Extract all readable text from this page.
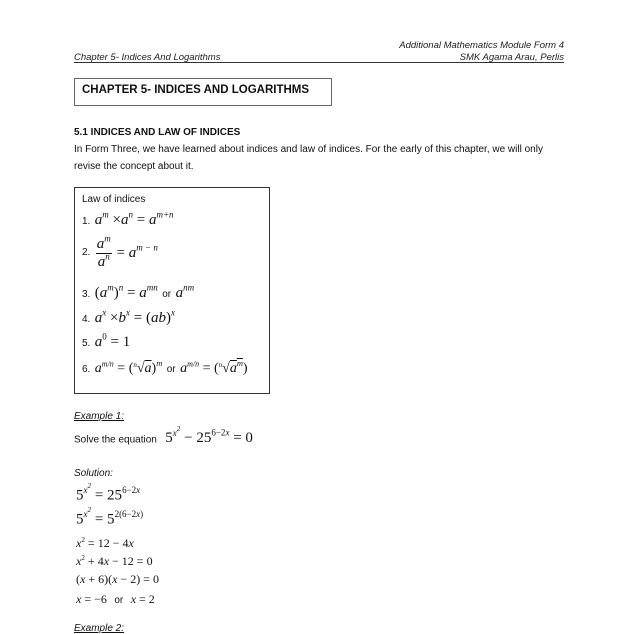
Additional Mathematics Module Form 4
Chapter 5- Indices And Logarithms	SMK Agama Arau, Perlis
CHAPTER 5- INDICES AND LOGARITHMS
5.1 INDICES AND LAW OF INDICES
In Form Three, we have learned about indices and law of indices. For the early of this chapter, we will only revise the concept about it.
Law of indices
1. $a^m \times a^n = a^{m+n}$
2. $\frac{a^m}{a^n} = a^{m - n}$
3. $(a^m)^n = a^{mn}$ or $a^{nm}$
4. $a^x \times b^x = (ab)^x$
5. $a^0 = 1$
6. $a^{m/n} = (^n√a)^m$ or $a^{m/n} = (^n√a^m)$
Example 1:
Solve the equation $5^{x^2} - 25^{6-2x} = 0$
Solution:
$5^{x^2} = 25^{6-2x}$
$5^{x^2} = 5^{2(6-2x)}$
$x^2 = 12 - 4x$
$x^2 + 4x - 12 = 0$
(x + 6)(x − 2) = 0
x = −6 or x = 2
Example 2:
